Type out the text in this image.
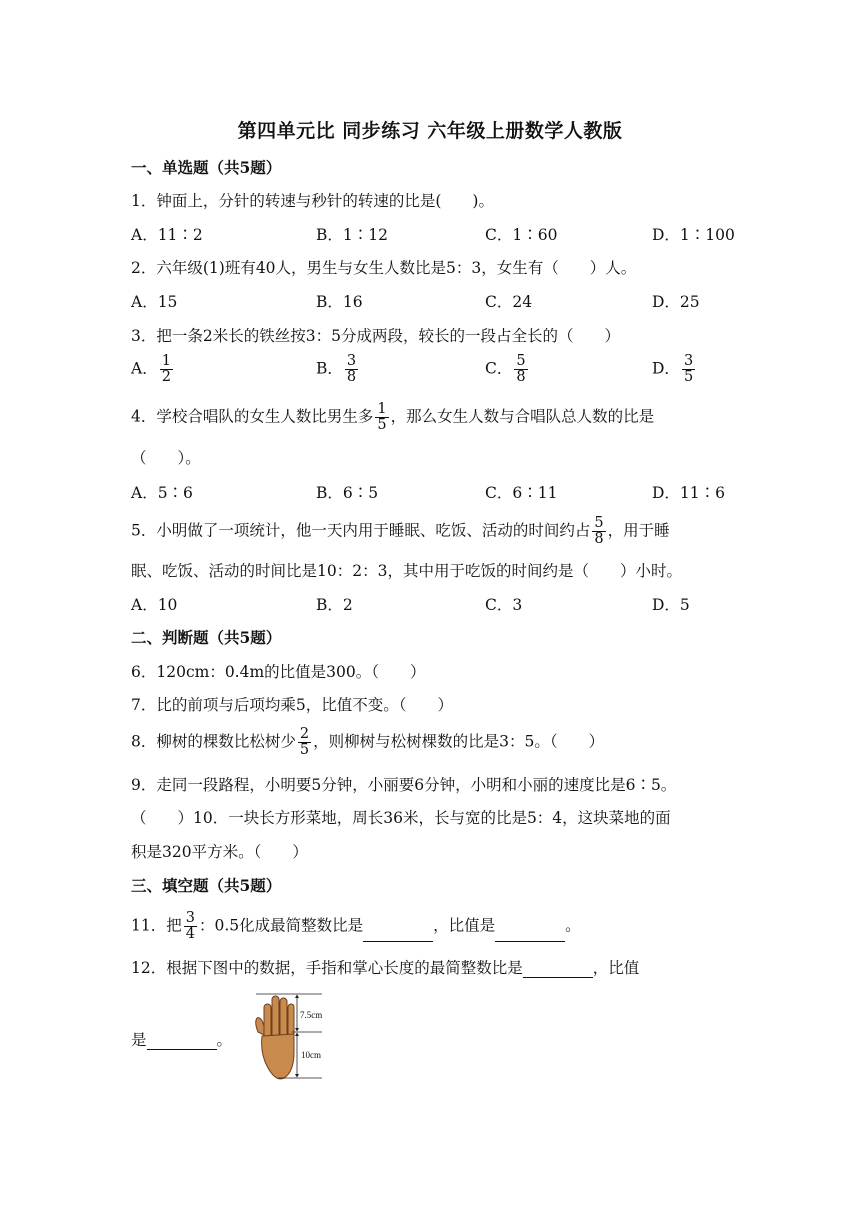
第四单元比 同步练习 六年级上册数学人教版
一、单选题（共5题）
1．钟面上，分针的转速与秒针的转速的比是(　　)。
A．11∶2	B．1∶12	C．1∶60	D．1∶100
2．六年级(1)班有40人，男生与女生人数比是5：3，女生有（　　）人。
A．15	B．16	C．24	D．25
3．把一条2米长的铁丝按3：5分成两段，较长的一段占全长的（　　）
A． $\frac{1}{2}$	B． $\frac{3}{8}$	C． $\frac{5}{8}$	D． $\frac{3}{5}$
4．学校合唱队的女生人数比男生多 $\frac{1}{5}$ ，那么女生人数与合唱队总人数的比是
（　　）。
A．5∶6	B．6∶5	C．6∶11	D．11∶6
5．小明做了一项统计，他一天内用于睡眠、吃饭、活动的时间约占 $\frac{5}{8}$ ，用于睡
眠、吃饭、活动的时间比是10：2：3，其中用于吃饭的时间约是（　　）小时。
A．10	B．2	C．3	D．5
二、判断题（共5题）
6．120cm：0.4m的比值是300。（　　）
7．比的前项与后项均乘5，比值不变。（　　）
8．柳树的棵数比松树少 $\frac{2}{5}$ ，则柳树与松树棵数的比是3：5。（　　）
9．走同一段路程，小明要5分钟，小丽要6分钟，小明和小丽的速度比是6∶5。
（　　）10．一块长方形菜地，周长36米，长与宽的比是5：4，这块菜地的面
积是320平方米。（　　）
三、填空题（共5题）
11．把 $\frac{3}{4}$ ：0.5化成最简整数比是	，比值是	。
12．根据下图中的数据，手指和掌心长度的最简整数比是	，比值
是	。
7.5cm
10cm
